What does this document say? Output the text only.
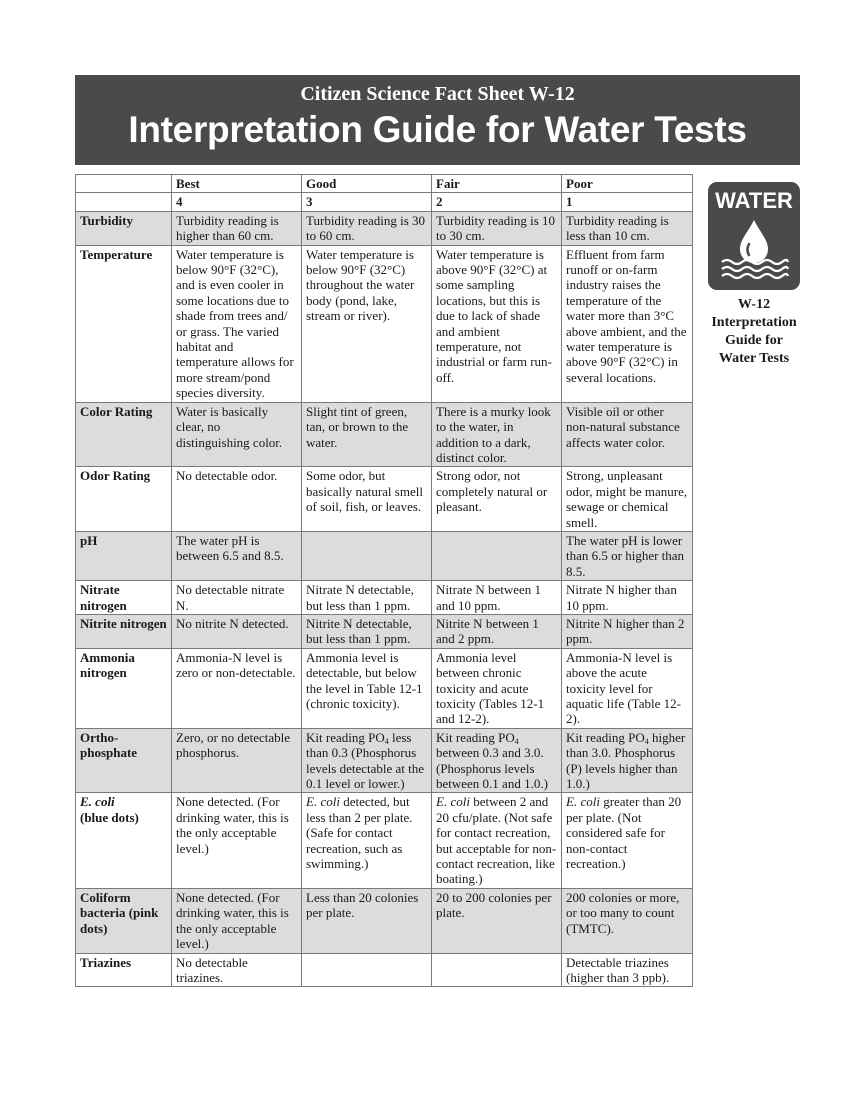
Citizen Science Fact Sheet W-12
Interpretation Guide for Water Tests
	Best	Good	Fair	Poor
	4	3	2	1
Turbidity	Turbidity reading is higher than 60 cm.	Turbidity reading is 30 to 60 cm.	Turbidity reading is 10 to 30 cm.	Turbidity reading is less than 10 cm.
Temperature	Water temperature is below 90°F (32°C), and is even cooler in some locations due to shade from trees and/ or grass. The varied habitat and temperature allows for more stream/pond species diversity.	Water temperature is below 90°F (32°C) throughout the water body (pond, lake, stream or river).	Water temperature is above 90°F (32°C) at some sampling locations, but this is due to lack of shade and ambient temperature, not industrial or farm run-off.	Effluent from farm runoff or on-farm industry raises the temperature of the water more than 3°C above ambient, and the water temperature is above 90°F (32°C) in several locations.
Color Rating	Water is basically clear, no distinguishing color.	Slight tint of green, tan, or brown to the water.	There is a murky look to the water, in addition to a dark, distinct color.	Visible oil or other non-natural substance affects water color.
Odor Rating	No detectable odor.	Some odor, but basically natural smell of soil, fish, or leaves.	Strong odor, not completely natural or pleasant.	Strong, unpleasant odor, might be manure, sewage or chemical smell.
pH	The water pH is between 6.5 and 8.5.			The water pH is lower than 6.5 or higher than 8.5.
Nitrate nitrogen	No detectable nitrate N.	Nitrate N detectable, but less than 1 ppm.	Nitrate N between 1 and 10 ppm.	Nitrate N higher than 10 ppm.
Nitrite nitrogen	No nitrite N detected.	Nitrite N detectable, but less than 1 ppm.	Nitrite N between 1 and 2 ppm.	Nitrite N higher than 2 ppm.
Ammonia nitrogen	Ammonia-N level is zero or non-detectable.	Ammonia level is detectable, but below the level in Table 12-1 (chronic toxicity).	Ammonia level between chronic toxicity and acute toxicity (Tables 12-1 and 12-2).	Ammonia-N level is above the acute toxicity level for aquatic life (Table 12-2).
Ortho-phosphate	Zero, or no detectable phosphorus.	Kit reading $PO_4$ less than 0.3 (Phosphorus levels detectable at the 0.1 level or lower.)	Kit reading $PO_4$ between 0.3 and 3.0. (Phosphorus levels between 0.1 and 1.0.)	Kit reading $PO_4$ higher than 3.0. Phosphorus (P) levels higher than 1.0.)
E. coli
(blue dots)	None detected. (For drinking water, this is the only acceptable level.)	E. coli detected, but less than 2 per plate. (Safe for contact recreation, such as swimming.)	E. coli between 2 and 20 cfu/plate. (Not safe for contact recreation, but acceptable for non-contact recreation, like boating.)	E. coli greater than 20 per plate. (Not considered safe for non-contact recreation.)
Coliform bacteria (pink dots)	None detected. (For drinking water, this is the only acceptable level.)	Less than 20 colonies per plate.	20 to 200 colonies per plate.	200 colonies or more, or too many to count (TMTC).
Triazines	No detectable triazines.			Detectable triazines (higher than 3 ppb).
WATER
W-12
Interpretation
Guide for
Water Tests
